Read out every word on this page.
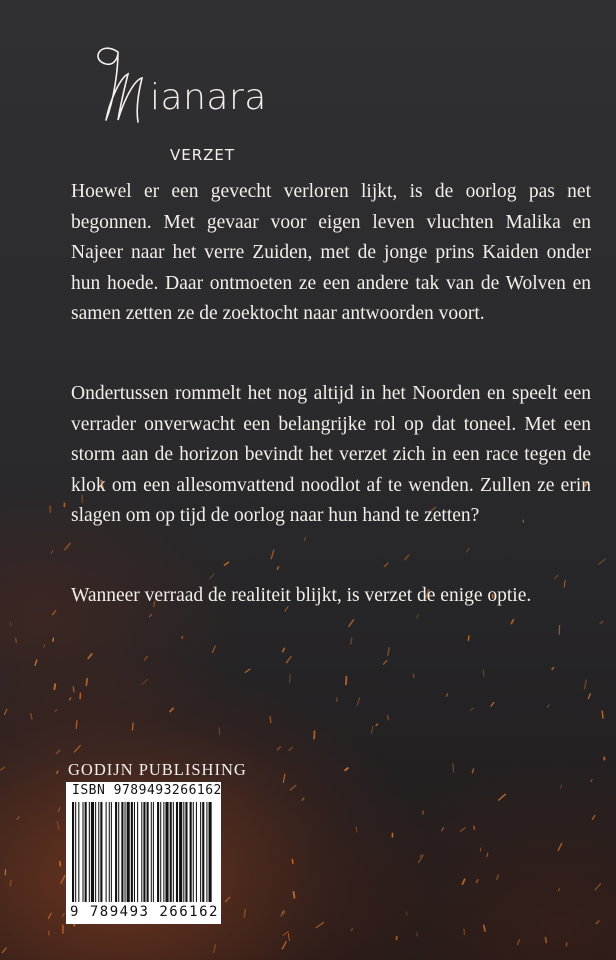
ianara
VERZET

Hoewel er een gevecht verloren lijkt, is de oorlog pas net begonnen. Met gevaar voor eigen leven vluchten Malika en Najeer naar het verre Zuiden, met de jonge prins Kaiden onder hun hoede. Daar ontmoeten ze een andere tak van de Wolven en samen zetten ze de zoektocht naar antwoorden voort.

Ondertussen rommelt het nog altijd in het Noorden en speelt een verrader onverwacht een belangrijke rol op dat toneel. Met een storm aan de horizon bevindt het verzet zich in een race tegen de klok om een allesomvattend noodlot af te wenden. Zullen ze erin slagen om op tijd de oorlog naar hun hand te zetten?

Wanneer verraad de realiteit blijkt, is verzet de enige optie.

GODIJN PUBLISHING
ISBN 9789493266162
9 789493 266162
